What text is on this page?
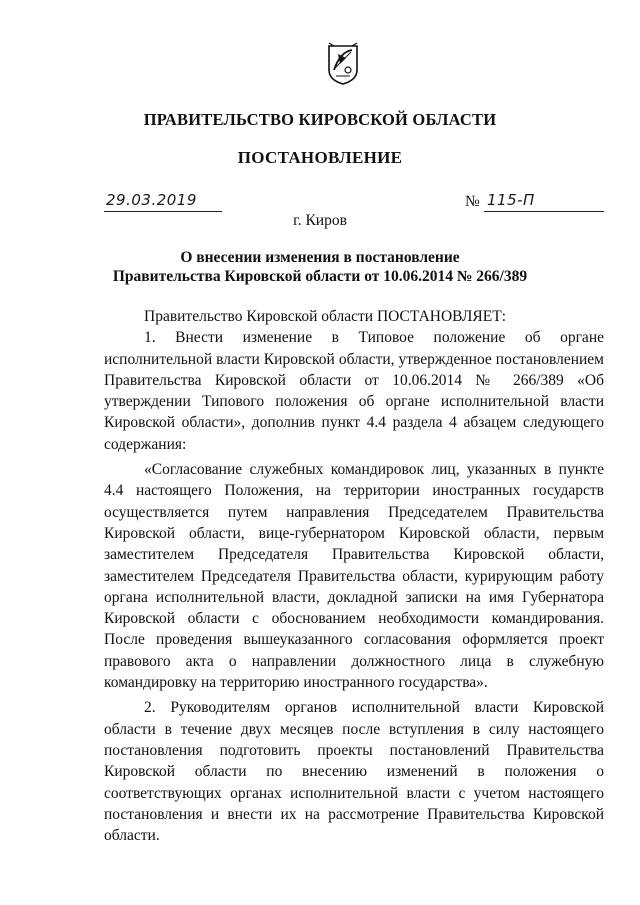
ПРАВИТЕЛЬСТВО КИРОВСКОЙ ОБЛАСТИ
ПОСТАНОВЛЕНИЕ
29.03.2019	№ 115-П
г. Киров
О внесении изменения в постановление
Правительства Кировской области от 10.06.2014 № 266/389

Правительство Кировской области ПОСТАНОВЛЯЕТ:

1. Внести изменение в Типовое положение об органе исполнительной власти Кировской области, утвержденное постановлением Правительства Кировской области от 10.06.2014 № 266/389 «Об утверждении Типового положения об органе исполнительной власти Кировской области», дополнив пункт 4.4 раздела 4 абзацем следующего содержания:

«Согласование служебных командировок лиц, указанных в пункте 4.4 настоящего Положения, на территории иностранных государств осуществляется путем направления Председателем Правительства Кировской области, вице-губернатором Кировской области, первым заместителем Председателя Правительства Кировской области, заместителем Председателя Правительства области, курирующим работу органа исполнительной власти, докладной записки на имя Губернатора Кировской области с обоснованием необходимости командирования. После проведения вышеуказанного согласования оформляется проект правового акта о направлении должностного лица в служебную командировку на территорию иностранного государства».

2. Руководителям органов исполнительной власти Кировской области в течение двух месяцев после вступления в силу настоящего постановления подготовить проекты постановлений Правительства Кировской области по внесению изменений в положения о соответствующих органах исполнительной власти с учетом настоящего постановления и внести их на рассмотрение Правительства Кировской области.
